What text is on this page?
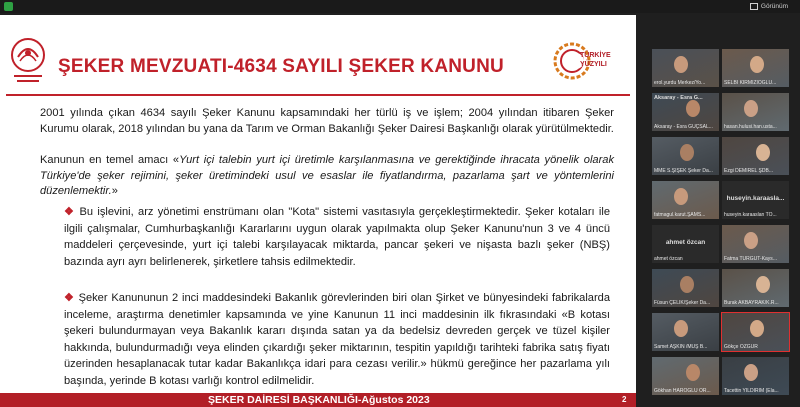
Görünüm
ŞEKER MEVZUATI-4634 SAYILI ŞEKER KANUNU
TÜRKİYE
YÜZYILI
2001 yılında çıkan 4634 sayılı Şeker Kanunu kapsamındaki her türlü iş ve işlem; 2004 yılından itibaren Şeker Kurumu olarak, 2018 yılından bu yana da Tarım ve Orman Bakanlığı Şeker Dairesi Başkanlığı olarak yürütülmektedir.
Kanunun en temel amacı «Yurt içi talebin yurt içi üretimle karşılanmasına ve gerektiğinde ihracata yönelik olarak Türkiye'de şeker rejimini, şeker üretimindeki usul ve esaslar ile fiyatlandırma, pazarlama şart ve yöntemlerini düzenlemektir.»
❖ Bu işlevini, arz yönetimi enstrümanı olan "Kota" sistemi vasıtasıyla gerçekleştirmektedir. Şeker kotaları ile ilgili çalışmalar, Cumhurbaşkanlığı Kararlarını uygun olarak yapılmakta olup Şeker Kanunu'nun 3 ve 4 üncü maddeleri çerçevesinde, yurt içi talebi karşılayacak miktarda, pancar şekeri ve nişasta bazlı şeker (NBŞ) bazında ayrı ayrı belirlenerek, şirketlere tahsis edilmektedir.
❖ Şeker Kanununun 2 inci maddesindeki Bakanlık görevlerinden biri olan Şirket ve bünyesindeki fabrikalarda inceleme, araştırma denetimler kapsamında ve yine Kanunun 11 inci maddesinin ilk fıkrasındaki «B kotası şekeri bulundurmayan veya Bakanlık kararı dışında satan ya da bedelsiz devreden gerçek ve tüzel kişiler hakkında, bulundurmadığı veya elinden çıkardığı şeker miktarının, tespitin yapıldığı tarihteki fabrika satış fiyatı üzerinden hesaplanacak tutar kadar Bakanlıkça idari para cezası verilir.» hükmü gereğince her pazarlama yılı başında, yerinde B kotası varlığı kontrol edilmelidir.
ŞEKER DAİRESİ BAŞKANLIĞI-Ağustos 2023	2
erol.yurdu Merkez/Yo...	SELBİ KIRMIZIOĞLU...
Aksaray - Esra G...
Aksaray - Esra GÜÇSAL...	hasan.hulusi.han.usta...
MME S.ŞİŞEK Şeker Da...	Ezgi DEMİREL ŞDB...
fatmagul.karut.ŞAMS...
huseyin.karaasla...
huseyin.karaaslan TO...
ahmet özcan
ahmet özcan	Fatma TURGUT-Kays...
Füsun ÇELİK/Şeker Da...	Burak AKBAYRAK/K.R...
Samet AŞKIN /MUŞ B...	Gökçe ÖZGÜR
Gökhan HAROĞLU OR...	Tacettin YILDIRIM (Ela...
